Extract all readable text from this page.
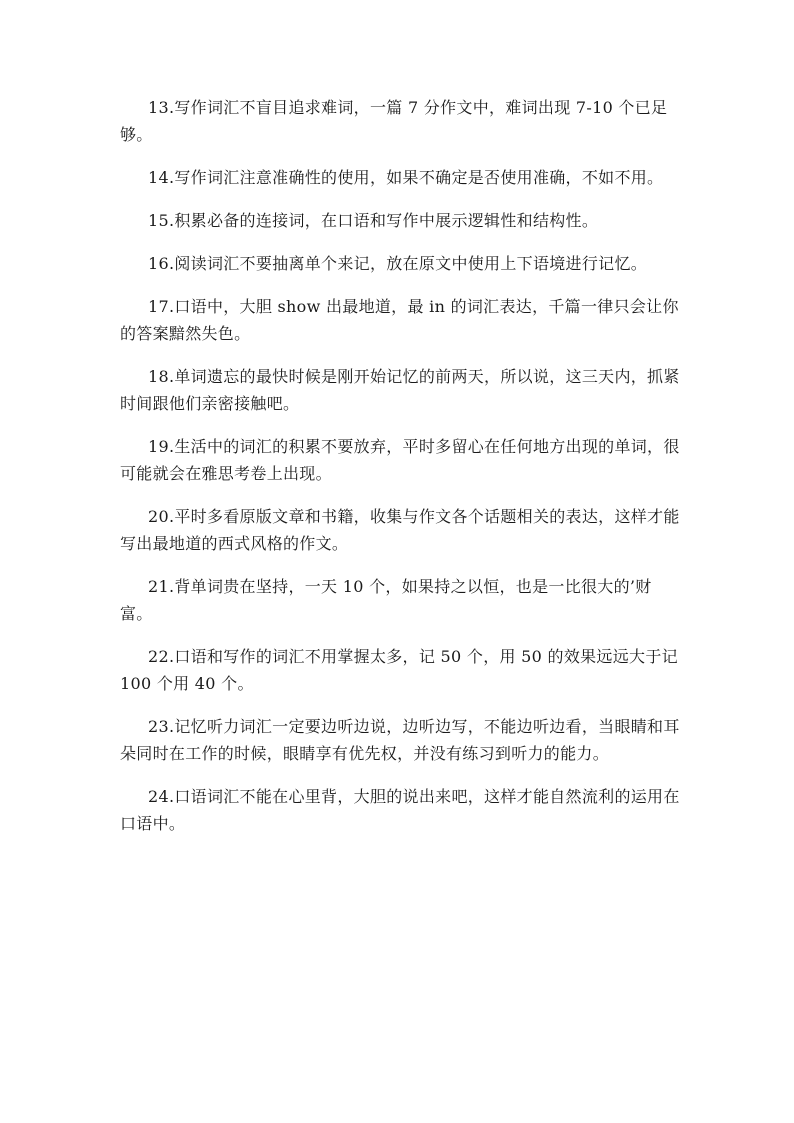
13.写作词汇不盲目追求难词，一篇 7 分作文中，难词出现 7-10 个已足够。

14.写作词汇注意准确性的使用，如果不确定是否使用准确，不如不用。

15.积累必备的连接词，在口语和写作中展示逻辑性和结构性。

16.阅读词汇不要抽离单个来记，放在原文中使用上下语境进行记忆。

17.口语中，大胆 show 出最地道，最 in 的词汇表达，千篇一律只会让你的答案黯然失色。

18.单词遗忘的最快时候是刚开始记忆的前两天，所以说，这三天内，抓紧时间跟他们亲密接触吧。

19.生活中的词汇的积累不要放弃，平时多留心在任何地方出现的单词，很可能就会在雅思考卷上出现。

20.平时多看原版文章和书籍，收集与作文各个话题相关的表达，这样才能写出最地道的西式风格的作文。

21.背单词贵在坚持，一天 10 个，如果持之以恒，也是一比很大的’财富。

22.口语和写作的词汇不用掌握太多，记 50 个，用 50 的效果远远大于记 100 个用 40 个。

23.记忆听力词汇一定要边听边说，边听边写，不能边听边看，当眼睛和耳朵同时在工作的时候，眼睛享有优先权，并没有练习到听力的能力。

24.口语词汇不能在心里背，大胆的说出来吧，这样才能自然流利的运用在口语中。
